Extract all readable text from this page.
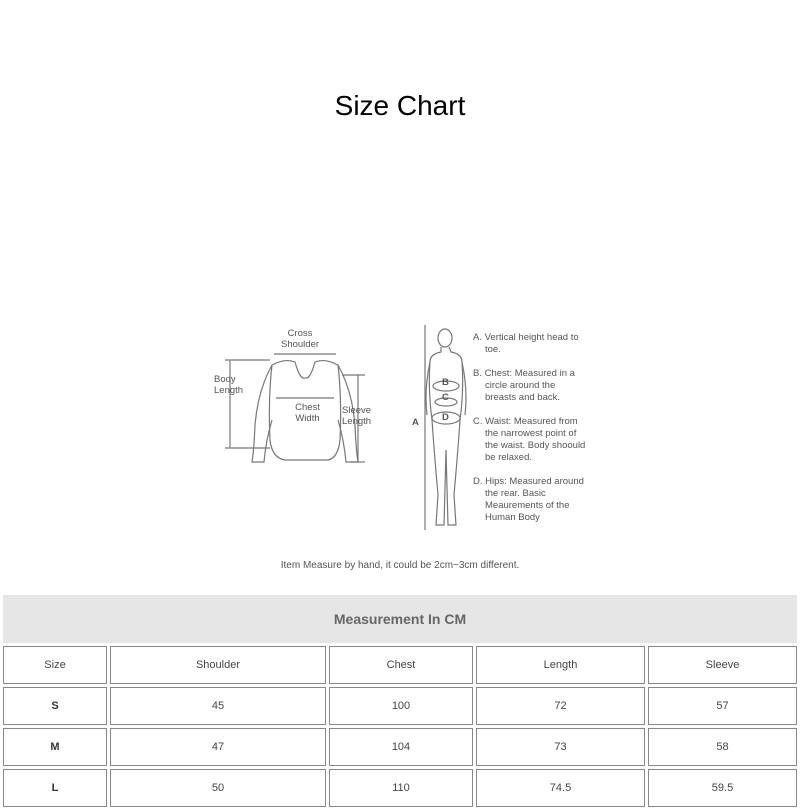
Size Chart
Cross
Shoulder
Body
Length
Chest
Width
Sleeve
Length	A
B
C
D

A. Vertical height head to toe.

B. Chest: Measured in a circle around the breasts and back.

C. Waist: Measured from the narrowest point of the waist. Body shoould be relaxed.

D. Hips: Measured around the rear. Basic Meaurements of the Human Body

Item Measure by hand, it could be 2cm~3cm different.
Measurement In CM				
Size	Shoulder	Chest	Length	Sleeve
S	45	100	72	57
M	47	104	73	58
L	50	110	74.5	59.5
